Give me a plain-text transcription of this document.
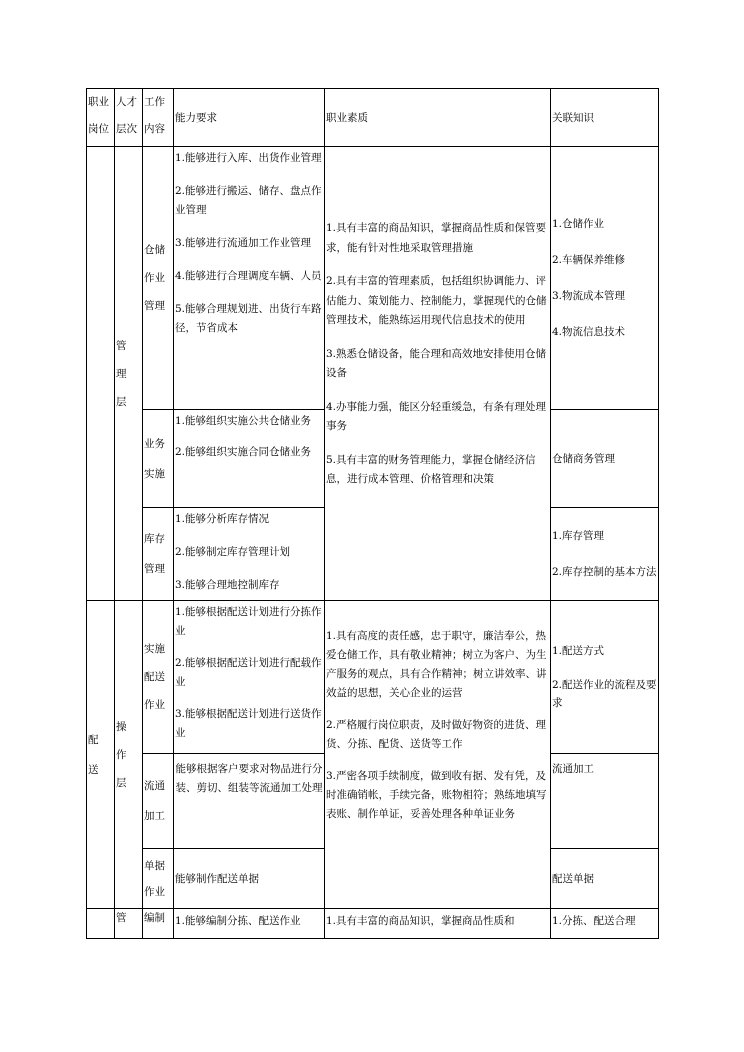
职业
岗位	人才
层次	工作
内容	能力要求	职业素质	关联知识

	管
理
层	仓储
作业
管理	1.能够进行入库、出货作业管理
2.能够进行搬运、储存、盘点作业管理
3.能够进行流通加工作业管理
4.能够进行合理调度车辆、人员
5.能够合理规划进、出货行车路径，节省成本	1.具有丰富的商品知识，掌握商品性质和保管要求，能有针对性地采取管理措施
2.具有丰富的管理素质，包括组织协调能力、评估能力、策划能力、控制能力，掌握现代的仓储管理技术，能熟练运用现代信息技术的使用
3.熟悉仓储设备，能合理和高效地安排使用仓储设备
4.办事能力强，能区分轻重缓急，有条有理处理事务
5.具有丰富的财务管理能力，掌握仓储经济信息，进行成本管理、价格管理和决策	1.仓储作业
2.车辆保养维修
3.物流成本管理
4.物流信息技术

		业务
实施	1.能够组织实施公共仓储业务
2.能够组织实施合同仓储业务		仓储商务管理

		库存
管理	1.能够分析库存情况
2.能够制定库存管理计划
3.能够合理地控制库存		1.库存管理
2.库存控制的基本方法

配
送	操
作
层	实施
配送
作业	1.能够根据配送计划进行分拣作业
2.能够根据配送计划进行配载作业
3.能够根据配送计划进行送货作业	1.具有高度的责任感，忠于职守，廉洁奉公，热爱仓储工作，具有敬业精神；树立为客户、为生产服务的观点，具有合作精神；树立讲效率、讲效益的思想，关心企业的运营
2.严格履行岗位职责，及时做好物资的进货、理货、分拣、配货、送货等工作
3.严密各项手续制度，做到收有据、发有凭，及时准确销帐，手续完备，账物相符；熟练地填写表账、制作单证，妥善处理各种单证业务	1.配送方式
2.配送作业的流程及要求

		流通
加工	能够根据客户要求对物品进行分装、剪切、组装等流通加工处理		流通加工

		单据
作业	能够制作配送单据		配送单据

	管	编制	1.能够编制分拣、配送作业	1.具有丰富的商品知识，掌握商品性质和	1.分拣、配送合理
